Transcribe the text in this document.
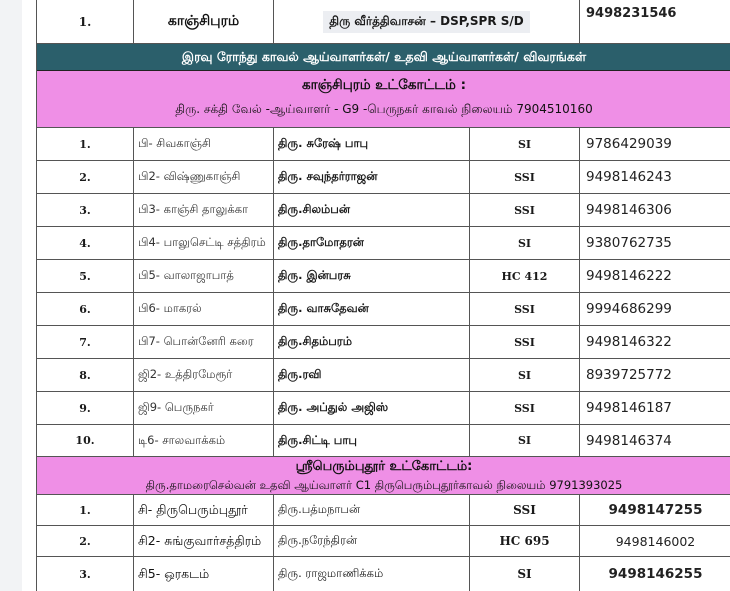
1.	காஞ்சிபுரம்	திரு வீர்த்திவாசன் – DSP,SPR S/D	9498231546
இரவு ரோந்து காவல் ஆய்வாளர்கள்/ உதவி ஆய்வாளர்கள்/ விவரங்கள்
காஞ்சிபுரம் உட்கோட்டம் :
திரு. சக்தி வேல் -ஆய்வாளர் - G9 -பெருநகர் காவல் நிலையம் 7904510160
1.	பி- சிவகாஞ்சி	திரு. சுரேஷ் பாபு	SI	9786429039
2.	பி2- விஷ்ணுகாஞ்சி	திரு. சவுந்தர்ராஜன்	SSI	9498146243
3.	பி3- காஞ்சி தாலுக்கா	திரு.சிலம்பன்	SSI	9498146306
4.	பி4- பாலுசெட்டி சத்திரம்	திரு.தாமோதரன்	SI	9380762735
5.	பி5- வாலாஜாபாத்	திரு. இன்பரசு	HC 412	9498146222
6.	பி6- மாகரல்	திரு. வாசுதேவன்	SSI	9994686299
7.	பி7- பொன்னேரி கரை	திரு.சிதம்பரம்	SSI	9498146322
8.	ஜி2- உத்திரமேரூர்	திரு.ரவி	SI	8939725772
9.	ஜி9- பெருநகர்	திரு. அப்துல் அஜிஸ்	SSI	9498146187
10.	டி6- சாலவாக்கம்	திரு.சிட்டி பாபு	SI	9498146374
ஸ்ரீபெரும்புதூர் உட்கோட்டம்:
திரு.தாமரைசெல்வன் உதவி ஆய்வாளர் C1 திருபெரும்புதூர்காவல் நிலையம் 9791393025
1.	சி- திருபெரும்புதூர்	திரு.பத்மநாபன்	SSI	9498147255
2.	சி2- சுங்குவார்சத்திரம்	திரு.நரேந்திரன்	HC 695	9498146002
3.	சி5- ஒரகடம்	திரு. ராஜமாணிக்கம்	SI	9498146255
